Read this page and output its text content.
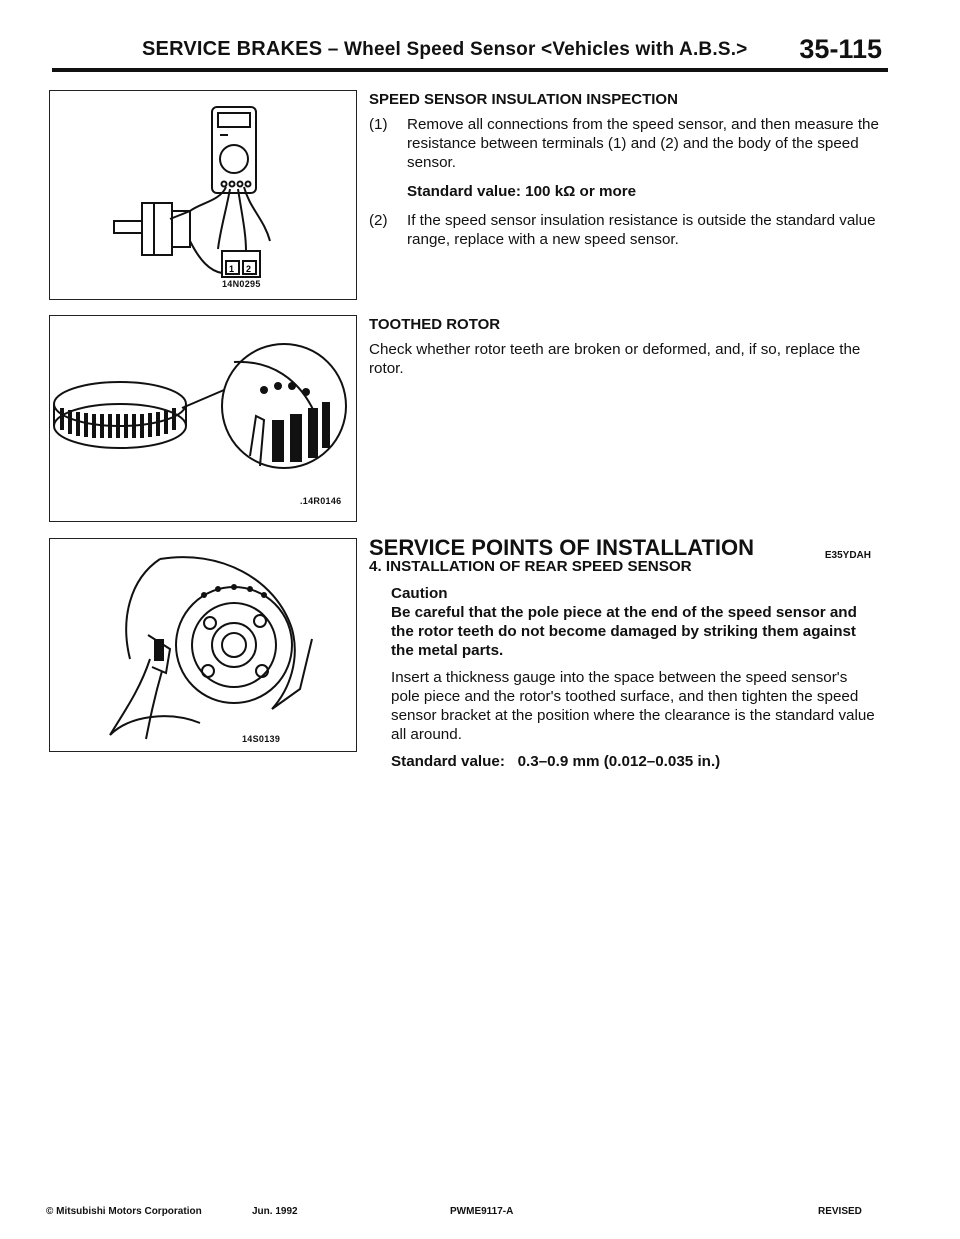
SERVICE BRAKES – Wheel Speed Sensor <Vehicles with A.B.S.> 35-115
1 2
14N0295
.14R0146
14S0139
SPEED SENSOR INSULATION INSPECTION
(1) Remove all connections from the speed sensor, and then measure the resistance between terminals (1) and (2) and the body of the speed sensor.
Standard value: 100 kΩ or more
(2) If the speed sensor insulation resistance is outside the standard value range, replace with a new speed sensor.
TOOTHED ROTOR
Check whether rotor teeth are broken or deformed, and, if so, replace the rotor.
SERVICE POINTS OF INSTALLATION	E35YDAH
4. INSTALLATION OF REAR SPEED SENSOR
Caution
Be careful that the pole piece at the end of the speed sensor and the rotor teeth do not become damaged by striking them against the metal parts.
Insert a thickness gauge into the space between the speed sensor's pole piece and the rotor's toothed surface, and then tighten the speed sensor bracket at the position where the clearance is the standard value all around.
Standard value:   0.3–0.9 mm (0.012–0.035 in.)
© Mitsubishi Motors Corporation	Jun. 1992	PWME9117-A	REVISED
